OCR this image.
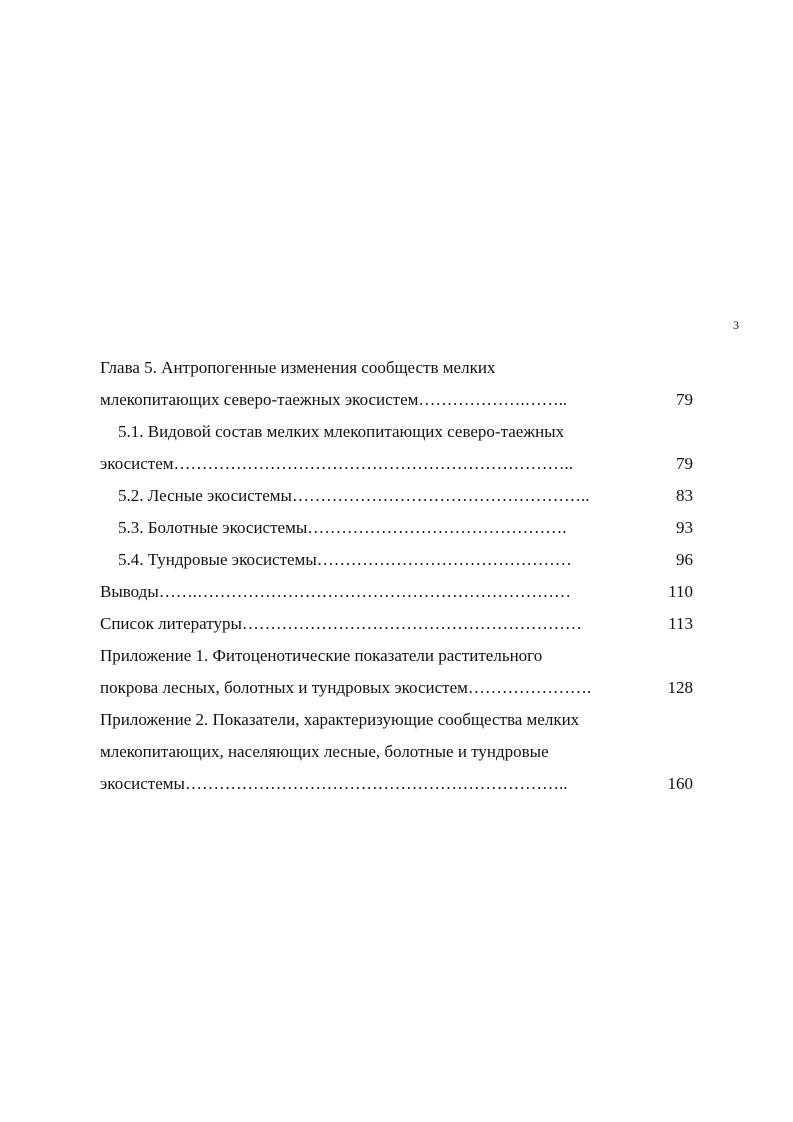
3
Глава 5. Антропогенные изменения сообществ мелких
млекопитающих северо-таежных экосистем……………….……..	79
5.1. Видовой состав мелких млекопитающих северо-таежных
экосистем……………………………………………………………..	79
5.2. Лесные экосистемы……………………………………………..	83
5.3. Болотные экосистемы……………………………………….	93
5.4. Тундровые экосистемы………………………………………	96
Выводы…….…………………………………………………………	110
Список литературы……………………………………………………	113
Приложение 1. Фитоценотические показатели растительного
покрова лесных, болотных и тундровых экосистем………………….	128
Приложение 2. Показатели, характеризующие сообщества мелких
млекопитающих, населяющих лесные, болотные и тундровые
экосистемы…………………………………………………………..	160
